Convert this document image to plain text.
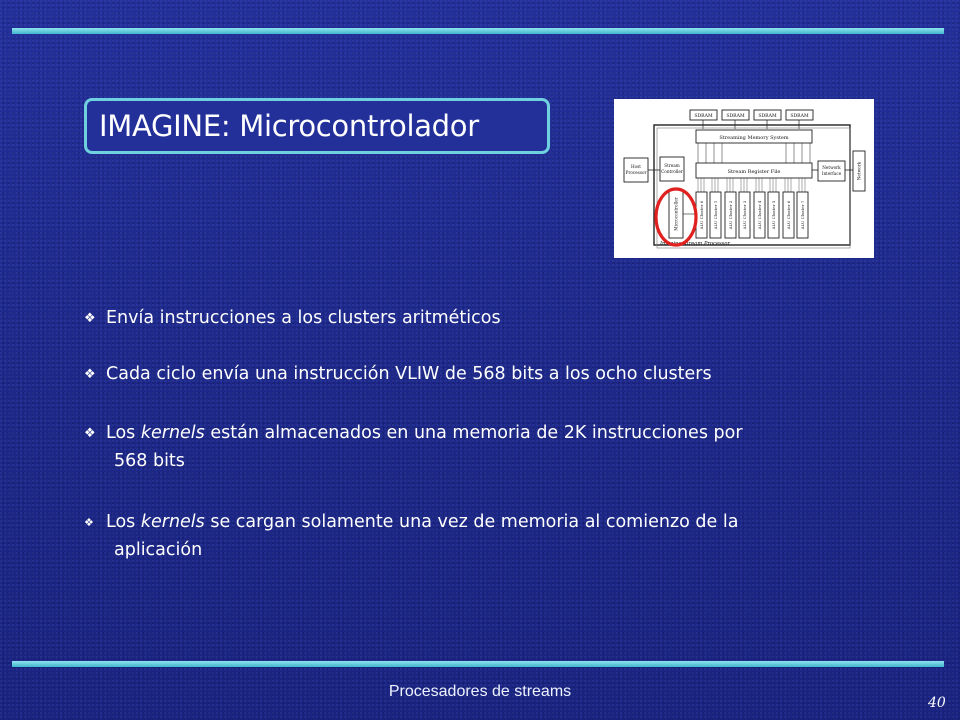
IMAGINE: Microcontrolador	SDRAM	SDRAM	SDRAM	SDRAM
Streaming Memory System
Host
Processor
Stream
Controller	Stream Register File
Network
Interface	Network
Microcontroller	ALU Cluster 0 ALU Cluster 1	ALU Cluster 2 ALU Cluster 3	ALU Cluster 4 ALU Cluster 5	ALU Cluster 6 ALU Cluster 7
Imagine Stream Processor
❖ Envía instrucciones a los clusters aritméticos
❖ Cada ciclo envía una instrucción VLIW de 568 bits a los ocho clusters
❖ Los kernels están almacenados en una memoria de 2K instrucciones por
568 bits
❖ Los kernels se cargan solamente una vez de memoria al comienzo de la
aplicación
Procesadores de streams
40
